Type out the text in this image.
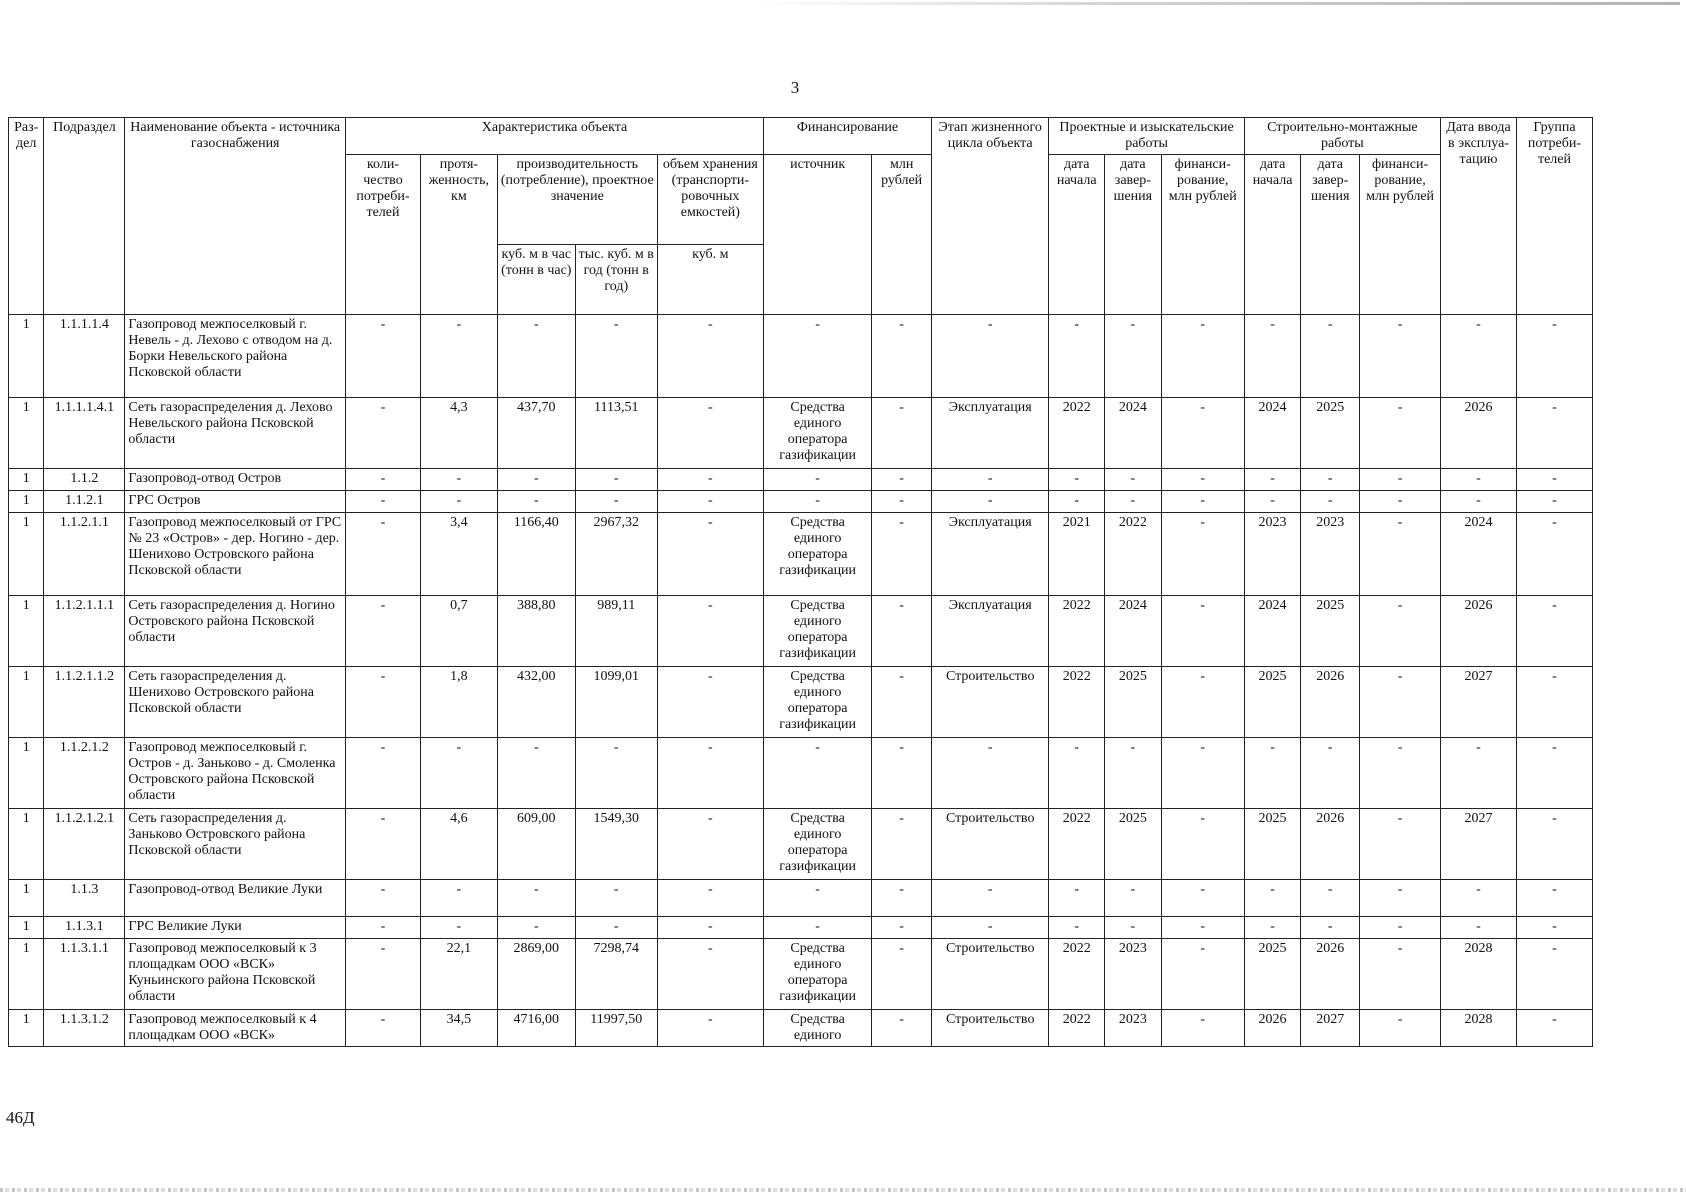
3
Раз-дел	Подраздел	Наименование объекта - источника газоснабжения	Характеристика объекта					Финансирование		Этап жизненного цикла объекта	Проектные и изыскательские работы			Строительно-монтажные работы			Дата ввода в эксплуа-тацию	Группа потреби-телей
			коли-чество потреби-телей	протя-женность, км	производительность (потребление), проектное значение		объем хранения (транспорти-ровочных емкостей)	источник	млн рублей		дата начала	дата завер-шения	финанси-рование, млн рублей	дата начала	дата завер-шения	финанси-рование, млн рублей		
					куб. м в час (тонн в час)	тыс. куб. м в год (тонн в год)	куб. м											
1	1.1.1.1.4	Газопровод межпоселковый г. Невель - д. Лехово с отводом на д. Борки Невельского района Псковской области	-	-	-	-	-	-	-	-	-	-	-	-	-	-	-	-
1	1.1.1.1.4.1	Сеть газораспределения д. Лехово Невельского района Псковской области	-	4,3	437,70	1113,51	-	Средства единого оператора газификации	-	Эксплуатация	2022	2024	-	2024	2025	-	2026	-
1	1.1.2	Газопровод-отвод Остров	-	-	-	-	-	-	-	-	-	-	-	-	-	-	-	-
1	1.1.2.1	ГРС Остров	-	-	-	-	-	-	-	-	-	-	-	-	-	-	-	-
1	1.1.2.1.1	Газопровод межпоселковый от ГРС № 23 «Остров» - дер. Ногино - дер. Шенихово Островского района Псковской области	-	3,4	1166,40	2967,32	-	Средства единого оператора газификации	-	Эксплуатация	2021	2022	-	2023	2023	-	2024	-
1	1.1.2.1.1.1	Сеть газораспределения д. Ногино Островского района Псковской области	-	0,7	388,80	989,11	-	Средства единого оператора газификации	-	Эксплуатация	2022	2024	-	2024	2025	-	2026	-
1	1.1.2.1.1.2	Сеть газораспределения д. Шенихово Островского района Псковской области	-	1,8	432,00	1099,01	-	Средства единого оператора газификации	-	Строительство	2022	2025	-	2025	2026	-	2027	-
1	1.1.2.1.2	Газопровод межпоселковый г. Остров - д. Заньково - д. Смоленка Островского района Псковской области	-	-	-	-	-	-	-	-	-	-	-	-	-	-	-	-
1	1.1.2.1.2.1	Сеть газораспределения д. Заньково Островского района Псковской области	-	4,6	609,00	1549,30	-	Средства единого оператора газификации	-	Строительство	2022	2025	-	2025	2026	-	2027	-
1	1.1.3	Газопровод-отвод Великие Луки	-	-	-	-	-	-	-	-	-	-	-	-	-	-	-	-
1	1.1.3.1	ГРС Великие Луки	-	-	-	-	-	-	-	-	-	-	-	-	-	-	-	-
1	1.1.3.1.1	Газопровод межпоселковый к 3 площадкам ООО «ВСК» Куньинского района Псковской области	-	22,1	2869,00	7298,74	-	Средства единого оператора газификации	-	Строительство	2022	2023	-	2025	2026	-	2028	-
1	1.1.3.1.2	Газопровод межпоселковый к 4 площадкам ООО «ВСК»	-	34,5	4716,00	11997,50	-	Средства единого	-	Строительство	2022	2023	-	2026	2027	-	2028	-
46Д
